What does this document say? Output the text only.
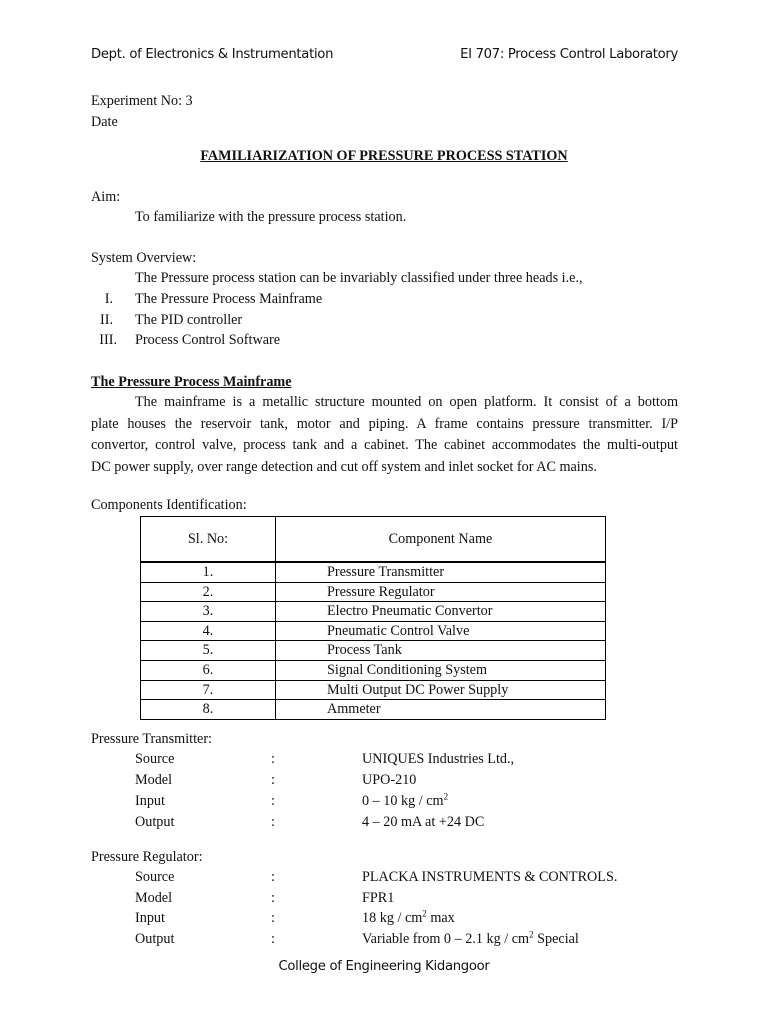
Dept. of Electronics & Instrumentation	EI 707: Process Control Laboratory
Experiment No: 3
Date
FAMILIARIZATION OF PRESSURE PROCESS STATION
Aim:
To familiarize with the pressure process station.
System Overview:
The Pressure process station can be invariably classified under three heads i.e.,
I. The Pressure Process Mainframe
II. The PID controller
III. Process Control Software
The Pressure Process Mainframe
The mainframe is a metallic structure mounted on open platform. It consist of a bottom
plate houses the reservoir tank, motor and piping. A frame contains pressure transmitter. I/P
convertor, control valve, process tank and a cabinet. The cabinet accommodates the multi-output
DC power supply, over range detection and cut off system and inlet socket for AC mains.
Components Identification:
Sl. No:	Component Name
1.	Pressure Transmitter
2.	Pressure Regulator
3.	Electro Pneumatic Convertor
4.	Pneumatic Control Valve
5.	Process Tank
6.	Signal Conditioning System
7.	Multi Output DC Power Supply
8.	Ammeter
Pressure Transmitter:
Source	:	UNIQUES Industries Ltd.,
Model	:	UPO-210
Input	:	0 – 10 kg / $cm^2$
Output	:	4 – 20 mA at +24 DC
Pressure Regulator:
Source	:	PLACKA INSTRUMENTS & CONTROLS.
Model	:	FPR1
Input	:	18 kg / $cm^2$ max
Output	:	Variable from 0 – 2.1 kg / $cm^2$ Special
College of Engineering Kidangoor
